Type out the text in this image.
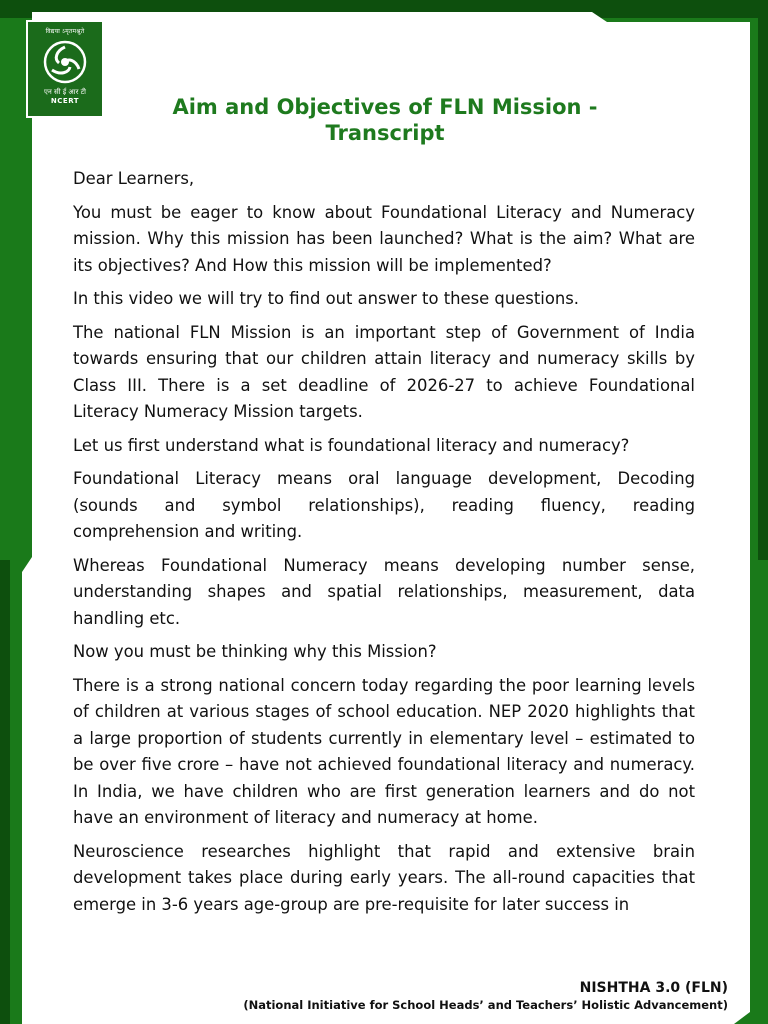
विद्यया ऽमृतमश्नुते
एन सी ई आर टी
NCERT	Aim and Objectives of FLN Mission - Transcript

Dear Learners,

You must be eager to know about Foundational Literacy and Numeracy mission. Why this mission has been launched? What is the aim? What are its objectives? And How this mission will be implemented?

In this video we will try to find out answer to these questions.

The national FLN Mission is an important step of Government of India towards ensuring that our children attain literacy and numeracy skills by Class III. There is a set deadline of 2026-27 to achieve Foundational Literacy Numeracy Mission targets.

Let us first understand what is foundational literacy and numeracy?

Foundational Literacy means oral language development, Decoding (sounds and symbol relationships), reading fluency, reading comprehension and writing.

Whereas Foundational Numeracy means developing number sense, understanding shapes and spatial relationships, measurement, data handling etc.

Now you must be thinking why this Mission?

There is a strong national concern today regarding the poor learning levels of children at various stages of school education. NEP 2020 highlights that a large proportion of students currently in elementary level – estimated to be over five crore – have not achieved foundational literacy and numeracy. In India, we have children who are first generation learners and do not have an environment of literacy and numeracy at home.

Neuroscience researches highlight that rapid and extensive brain development takes place during early years. The all-round capacities that emerge in 3-6 years age-group are pre-requisite for later success in

NISHTHA 3.0 (FLN)
(National Initiative for School Heads’ and Teachers’ Holistic Advancement)
